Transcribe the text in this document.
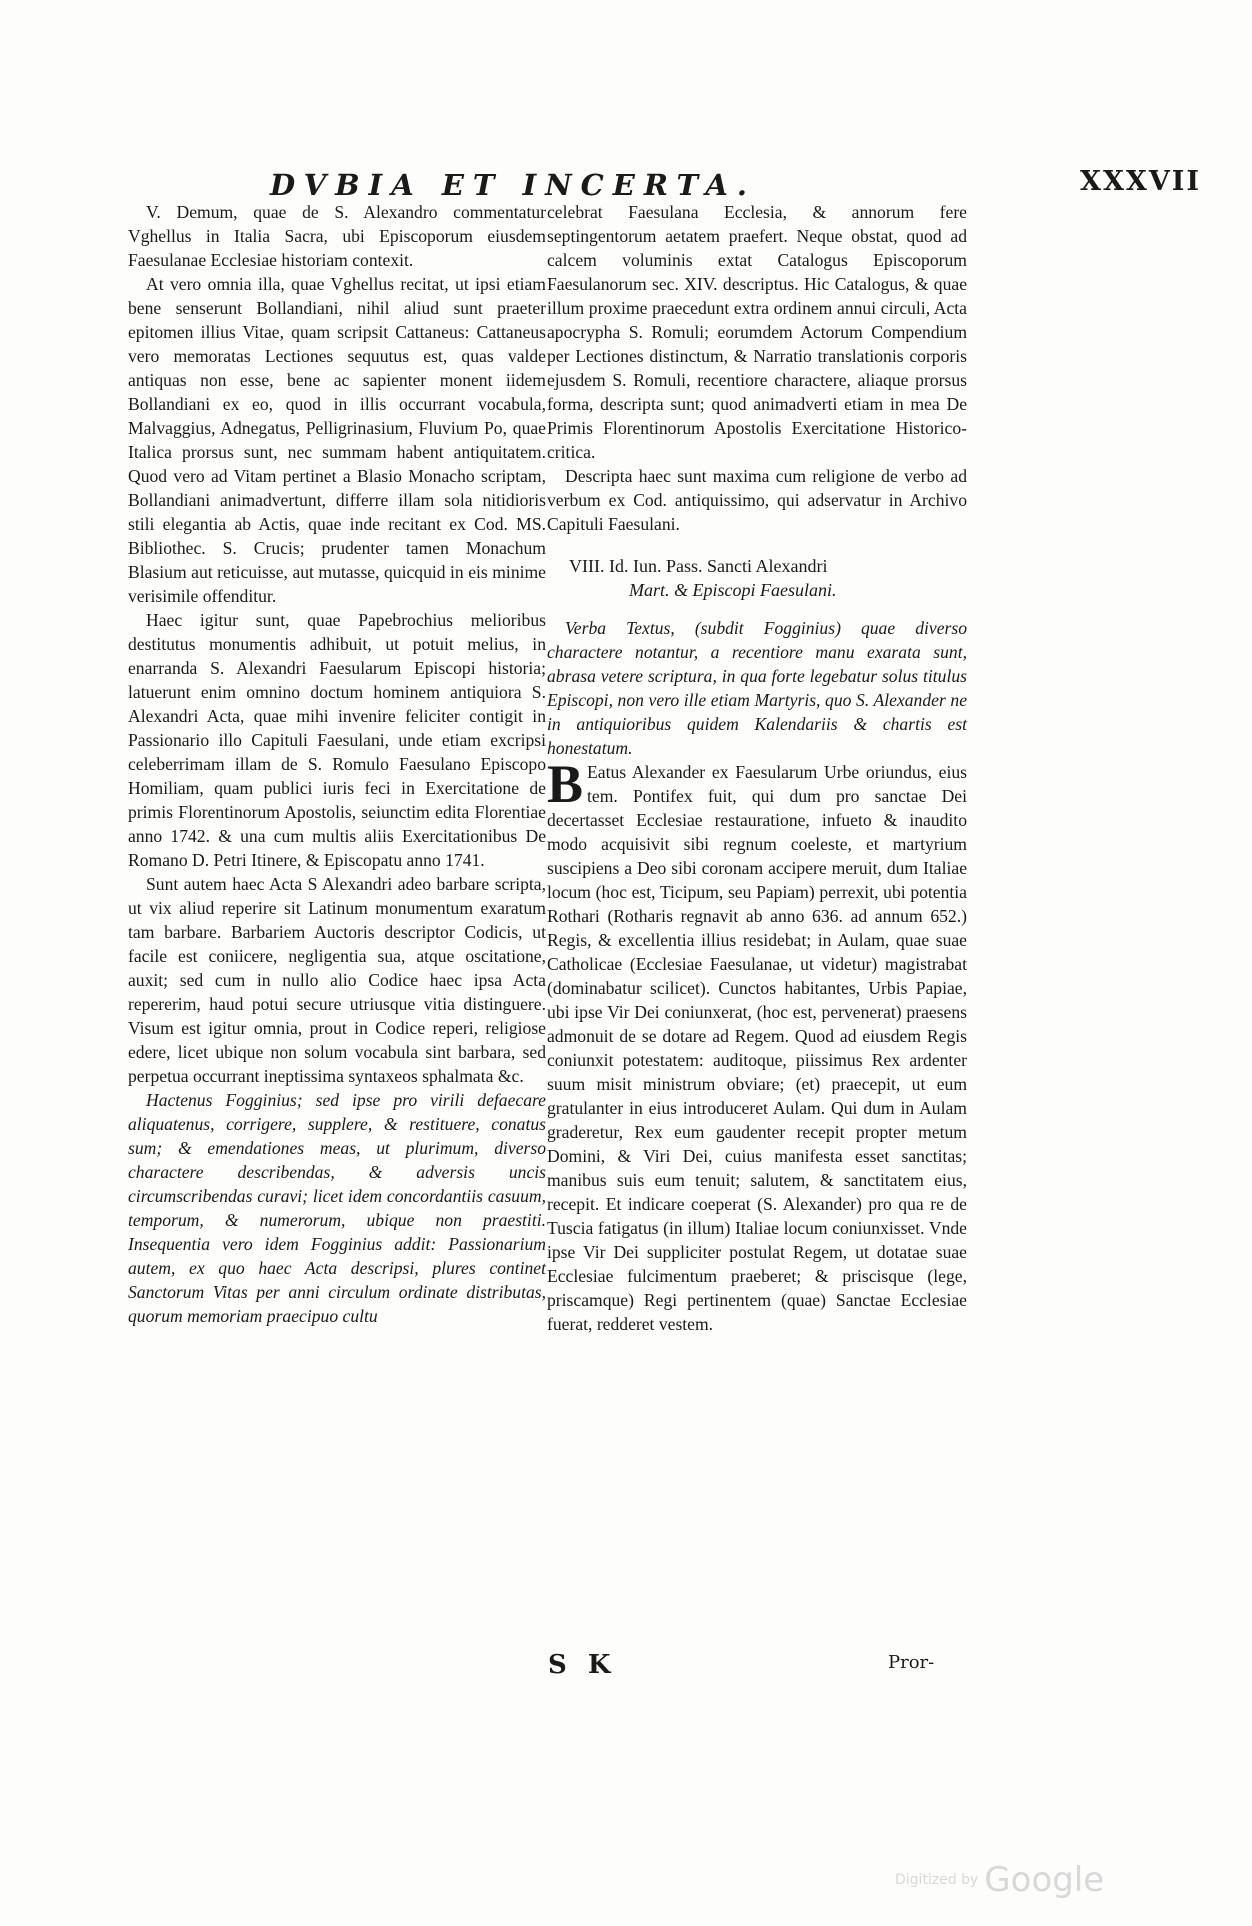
DVBIA ET INCERTA.	XXXVII

V. Demum, quae de S. Alexandro commentatur Vghellus in Italia Sacra, ubi Episcoporum eiusdem Faesulanae Ecclesiae historiam contexit.

At vero omnia illa, quae Vghellus recitat, ut ipsi etiam bene senserunt Bollandiani, nihil aliud sunt praeter epitomen illius Vitae, quam scripsit Cattaneus: Cattaneus vero memoratas Lectiones sequutus est, quas valde antiquas non esse, bene ac sapienter monent iidem Bollandiani ex eo, quod in illis occurrant vocabula, Malvaggius, Adnegatus, Pelligrinasium, Fluvium Po, quae Italica prorsus sunt, nec summam habent antiquitatem. Quod vero ad Vitam pertinet a Blasio Monacho scriptam, Bollandiani animadvertunt, differre illam sola nitidioris stili elegantia ab Actis, quae inde recitant ex Cod. MS. Bibliothec. S. Crucis; prudenter tamen Monachum Blasium aut reticuisse, aut mutasse, quicquid in eis minime verisimile offenditur.

Haec igitur sunt, quae Papebrochius melioribus destitutus monumentis adhibuit, ut potuit melius, in enarranda S. Alexandri Faesularum Episcopi historia; latuerunt enim omnino doctum hominem antiquiora S. Alexandri Acta, quae mihi invenire feliciter contigit in Passionario illo Capituli Faesulani, unde etiam excripsi celeberrimam illam de S. Romulo Faesulano Episcopo Homiliam, quam publici iuris feci in Exercitatione de primis Florentinorum Apostolis, seiunctim edita Florentiae anno 1742. & una cum multis aliis Exercitationibus De Romano D. Petri Itinere, & Episcopatu anno 1741.

Sunt autem haec Acta S Alexandri adeo barbare scripta, ut vix aliud reperire sit Latinum monumentum exaratum tam barbare. Barbariem Auctoris descriptor Codicis, ut facile est coniicere, negligentia sua, atque oscitatione, auxit; sed cum in nullo alio Codice haec ipsa Acta repererim, haud potui secure utriusque vitia distinguere. Visum est igitur omnia, prout in Codice reperi, religiose edere, licet ubique non solum vocabula sint barbara, sed perpetua occurrant ineptissima syntaxeos sphalmata &c.

Hactenus Fogginius; sed ipse pro virili defaecare aliquatenus, corrigere, supplere, & restituere, conatus sum; & emendationes meas, ut plurimum, diverso charactere describendas, & adversis uncis circumscribendas curavi; licet idem concordantiis casuum, temporum, & numerorum, ubique non praestiti. Insequentia vero idem Fogginius addit: Passionarium autem, ex quo haec Acta descripsi, plures continet Sanctorum Vitas per anni circulum ordinate distributas, quorum memoriam praecipuo cultu

celebrat Faesulana Ecclesia, & annorum fere septingentorum aetatem praefert. Neque obstat, quod ad calcem voluminis extat Catalogus Episcoporum Faesulanorum sec. XIV. descriptus. Hic Catalogus, & quae illum proxime praecedunt extra ordinem annui circuli, Acta apocrypha S. Romuli; eorumdem Actorum Compendium per Lectiones distinctum, & Narratio translationis corporis ejusdem S. Romuli, recentiore charactere, aliaque prorsus forma, descripta sunt; quod animadverti etiam in mea De Primis Florentinorum Apostolis Exercitatione Historico-critica.

Descripta haec sunt maxima cum religione de verbo ad verbum ex Cod. antiquissimo, qui adservatur in Archivo Capituli Faesulani.

VIII. Id. Iun. Pass. Sancti Alexandri
Mart. & Episcopi Faesulani.

Verba Textus, (subdit Fogginius) quae diverso charactere notantur, a recentiore manu exarata sunt, abrasa vetere scriptura, in qua forte legebatur solus titulus Episcopi, non vero ille etiam Martyris, quo S. Alexander ne in antiquioribus quidem Kalendariis & chartis est honestatum.

B Eatus Alexander ex Faesularum Urbe oriundus, eius tem. Pontifex fuit, qui dum pro sanctae Dei decertasset Ecclesiae restauratione, infueto & inaudito modo acquisivit sibi regnum coeleste, et martyrium suscipiens a Deo sibi coronam accipere meruit, dum Italiae locum (hoc est, Ticipum, seu Papiam) perrexit, ubi potentia Rothari (Rotharis regnavit ab anno 636. ad annum 652.) Regis, & excellentia illius residebat; in Aulam, quae suae Catholicae (Ecclesiae Faesulanae, ut videtur) magistrabat (dominabatur scilicet). Cunctos habitantes, Urbis Papiae, ubi ipse Vir Dei coniunxerat, (hoc est, pervenerat) praesens admonuit de se dotare ad Regem. Quod ad eiusdem Regis coniunxit potestatem: auditoque, piissimus Rex ardenter suum misit ministrum obviare; (et) praecepit, ut eum gratulanter in eius introduceret Aulam. Qui dum in Aulam graderetur, Rex eum gaudenter recepit propter metum Domini, & Viri Dei, cuius manifesta esset sanctitas; manibus suis eum tenuit; salutem, & sanctitatem eius, recepit. Et indicare coeperat (S. Alexander) pro qua re de Tuscia fatigatus (in illum) Italiae locum coniunxisset. Vnde ipse Vir Dei suppliciter postulat Regem, ut dotatae suae Ecclesiae fulcimentum praeberet; & priscisque (lege, priscamque) Regi pertinentem (quae) Sanctae Ecclesiae fuerat, redderet vestem.

S K	Pror-
Digitized by Google
